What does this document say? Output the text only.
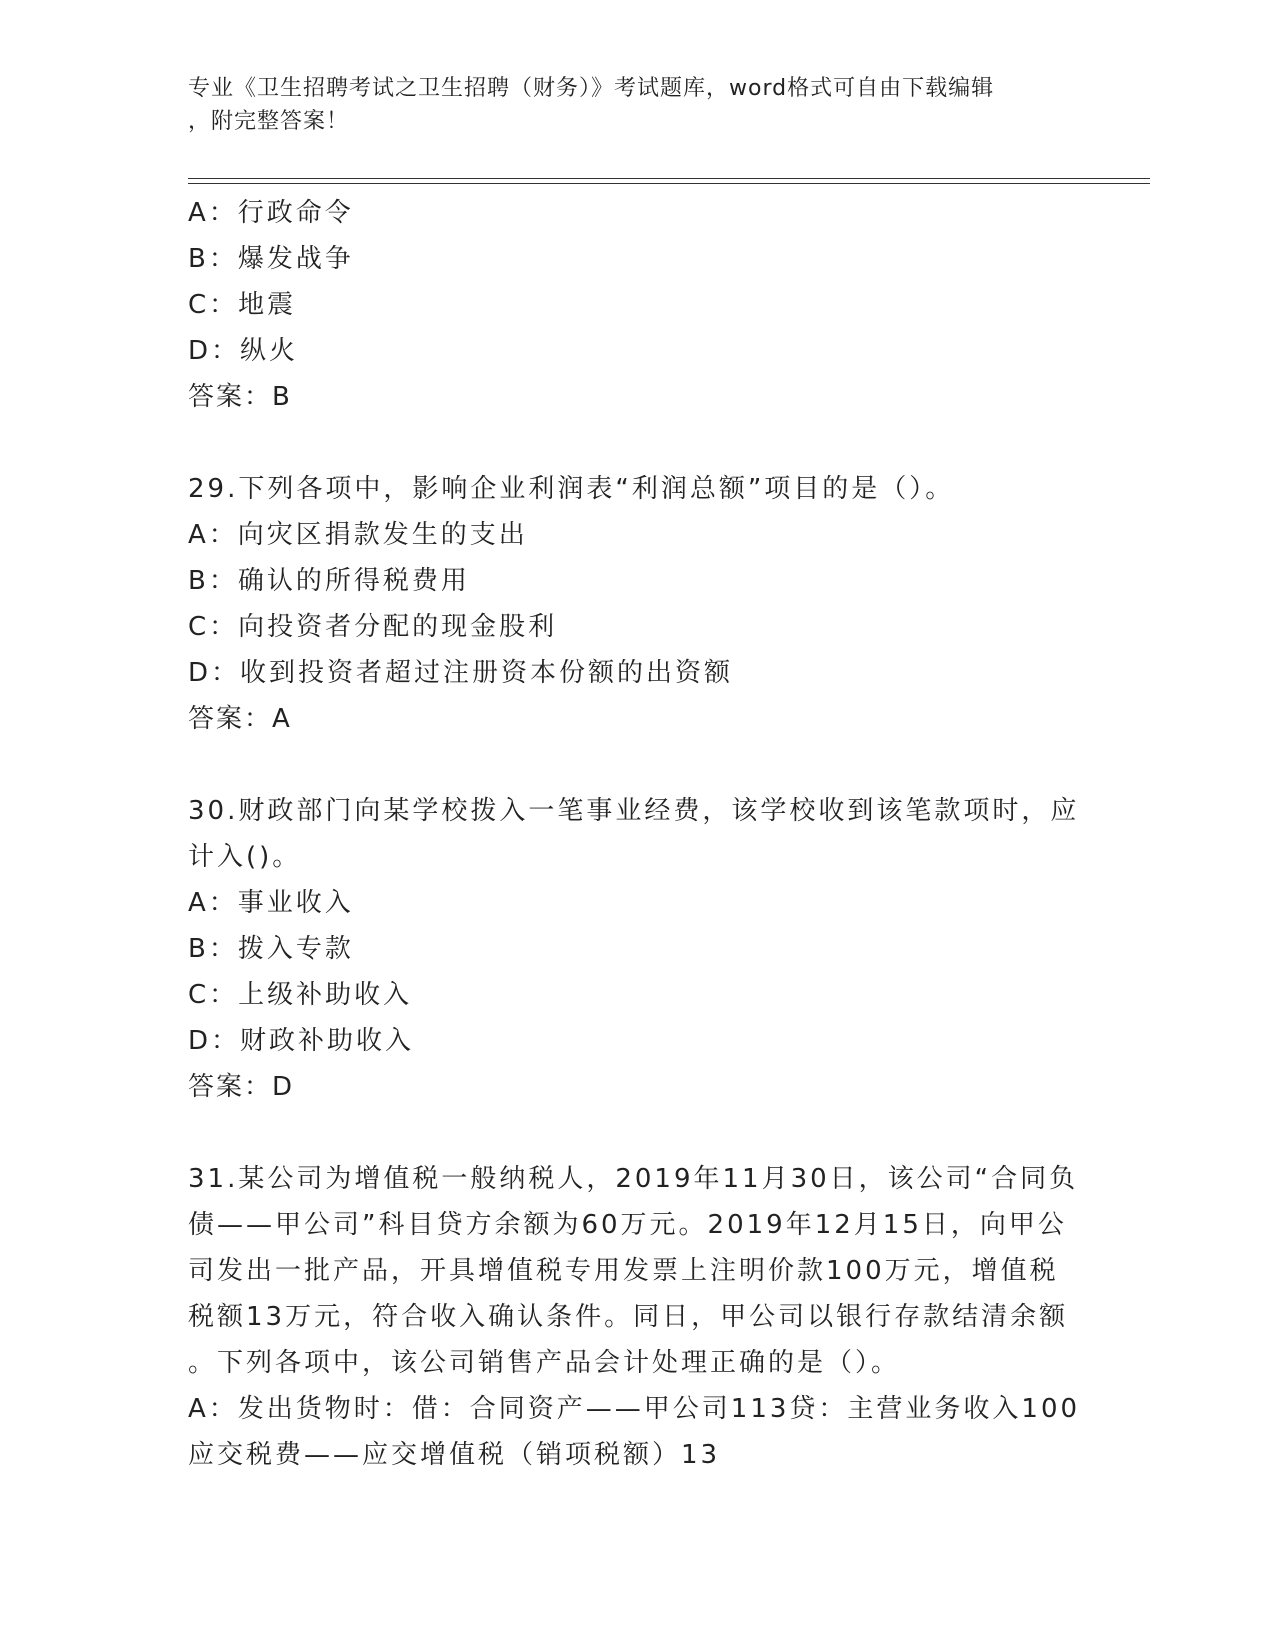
专业《卫生招聘考试之卫生招聘（财务）》考试题库，word格式可自由下载编辑
，附完整答案！
A：行政命令
B：爆发战争
C：地震
D：纵火
答案：B
29.下列各项中，影响企业利润表“利润总额”项目的是（）。
A：向灾区捐款发生的支出
B：确认的所得税费用
C：向投资者分配的现金股利
D：收到投资者超过注册资本份额的出资额
答案：A
30.财政部门向某学校拨入一笔事业经费，该学校收到该笔款项时，应
计入()。
A：事业收入
B：拨入专款
C：上级补助收入
D：财政补助收入
答案：D
31.某公司为增值税一般纳税人，2019年11月30日，该公司“合同负
债——甲公司”科目贷方余额为60万元。2019年12月15日，向甲公
司发出一批产品，开具增值税专用发票上注明价款100万元，增值税
税额13万元，符合收入确认条件。同日，甲公司以银行存款结清余额
。下列各项中，该公司销售产品会计处理正确的是（）。
A：发出货物时：借：合同资产——甲公司113贷：主营业务收入100
应交税费——应交增值税（销项税额）13
